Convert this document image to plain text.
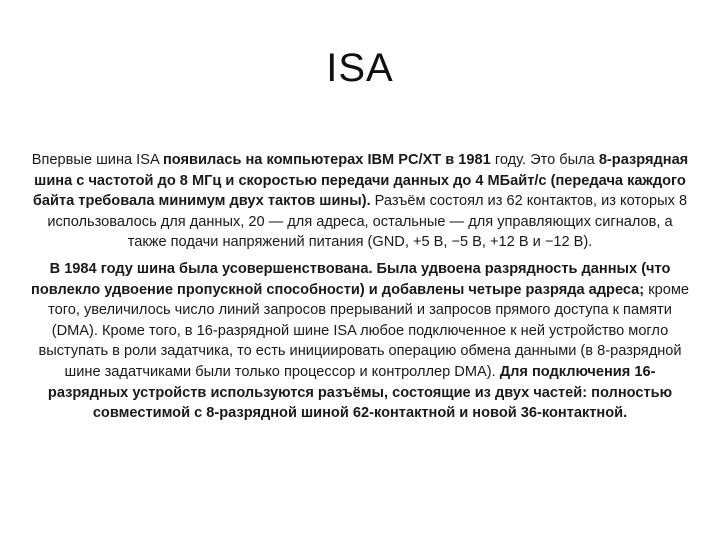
ISA

Впервые шина ISA появилась на компьютерах IBM PC/XT в 1981 году. Это была 8-разрядная шина с частотой до 8 МГц и скоростью передачи данных до 4 МБайт/с (передача каждого байта требовала минимум двух тактов шины). Разъём состоял из 62 контактов, из которых 8 использовалось для данных, 20 — для адреса, остальные — для управляющих сигналов, а также подачи напряжений питания (GND, +5 В, −5 В, +12 В и −12 В).

В 1984 году шина была усовершенствована. Была удвоена разрядность данных (что повлекло удвоение пропускной способности) и добавлены четыре разряда адреса; кроме того, увеличилось число линий запросов прерываний и запросов прямого доступа к памяти (DMA). Кроме того, в 16-разрядной шине ISA любое подключенное к ней устройство могло выступать в роли задатчика, то есть инициировать операцию обмена данными (в 8-разрядной шине задатчиками были только процессор и контроллер DMA). Для подключения 16-разрядных устройств используются разъёмы, состоящие из двух частей: полностью совместимой с 8-разрядной шиной 62-контактной и новой 36-контактной.
